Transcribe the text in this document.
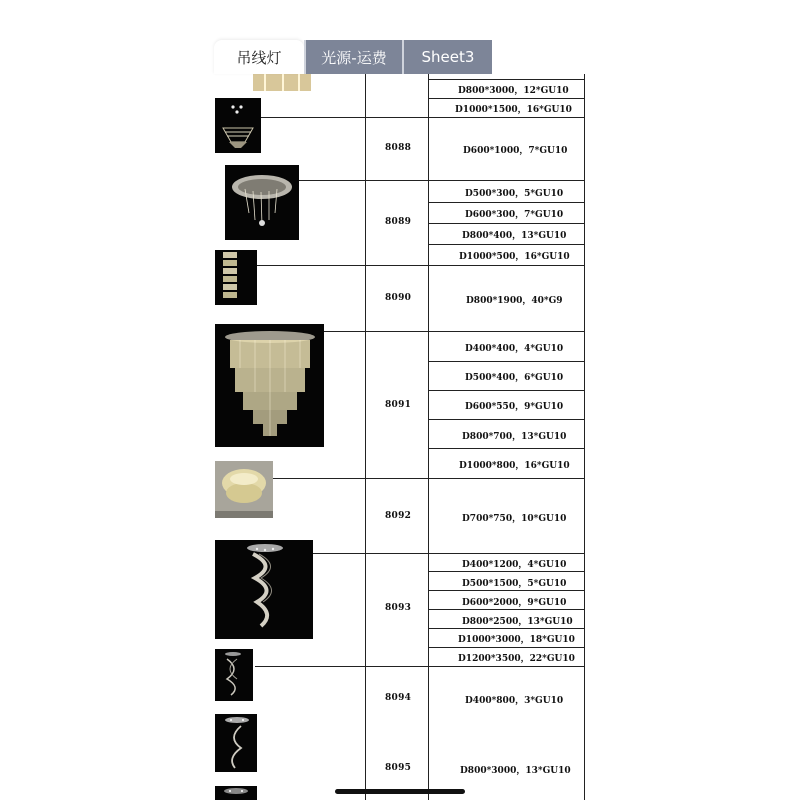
8088
8089
8090
8091
8092
8093
8094
8095
D800*3000，12*GU10
D1000*1500，16*GU10
D600*1000，7*GU10
D500*300，5*GU10
D600*300，7*GU10
D800*400，13*GU10
D1000*500，16*GU10
D800*1900，40*G9
D400*400，4*GU10
D500*400，6*GU10
D600*550，9*GU10
D800*700，13*GU10
D1000*800，16*GU10
D700*750，10*GU10
D400*1200，4*GU10
D500*1500，5*GU10
D600*2000，9*GU10
D800*2500，13*GU10
D1000*3000，18*GU10
D1200*3500，22*GU10
D400*800，3*GU10
D800*3000，13*GU10
吊线灯	光源-运费 Sheet3
